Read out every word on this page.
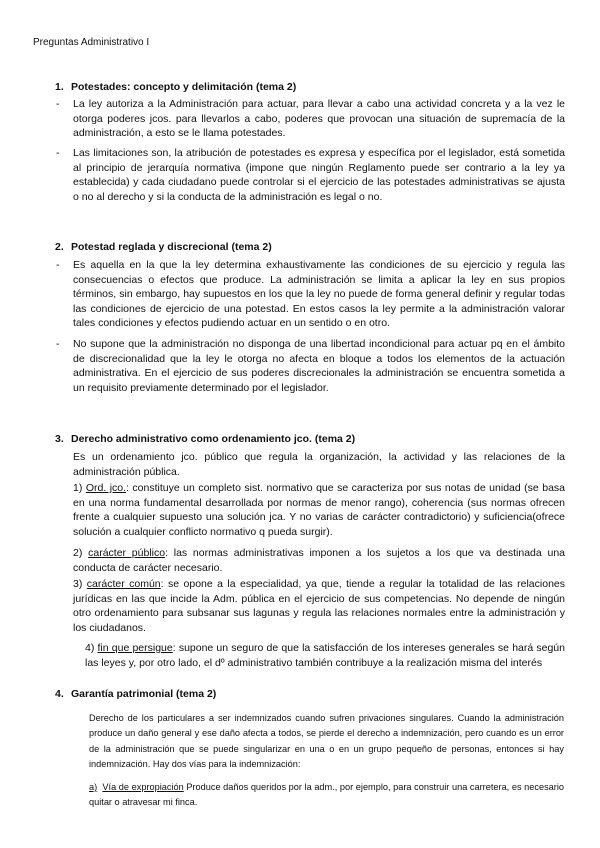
Preguntas Administrativo I
1. Potestades: concepto y delimitación (tema 2)
- La ley autoriza a la Administración para actuar, para llevar a cabo una actividad concreta y a la vez le otorga poderes jcos. para llevarlos a cabo, poderes que provocan una situación de supremacía de la administración, a esto se le llama potestades.

- Las limitaciones son, la atribución de potestades es expresa y específica por el legislador, está sometida al principio de jerarquía normativa (impone que ningún Reglamento puede ser contrario a la ley ya establecida) y cada ciudadano puede controlar si el ejercicio de las potestades administrativas se ajusta o no al derecho y si la conducta de la administración es legal o no.

2. Potestad reglada y discrecional (tema 2)
- Es aquella en la que la ley determina exhaustivamente las condiciones de su ejercicio y regula las consecuencias o efectos que produce. La administración se limita a aplicar la ley en sus propios términos, sin embargo, hay supuestos en los que la ley no puede de forma general definir y regular todas las condiciones de ejercicio de una potestad. En estos casos la ley permite a la administración valorar tales condiciones y efectos pudiendo actuar en un sentido o en otro.

- No supone que la administración no disponga de una libertad incondicional para actuar pq en el ámbito de discrecionalidad que la ley le otorga no afecta en bloque a todos los elementos de la actuación administrativa. En el ejercicio de sus poderes discrecionales la administración se encuentra sometida a un requisito previamente determinado por el legislador.

3. Derecho administrativo como ordenamiento jco. (tema 2)

Es un ordenamiento jco. público que regula la organización, la actividad y las relaciones de la administración pública.

1) Ord. jco.: constituye un completo sist. normativo que se caracteriza por sus notas de unidad (se basa en una norma fundamental desarrollada por normas de menor rango), coherencia (sus normas ofrecen frente a cualquier supuesto una solución jca. Y no varias de carácter contradictorio) y suficiencia(ofrece solución a cualquier conflicto normativo q pueda surgir).

2) carácter público: las normas administrativas imponen a los sujetos a los que va destinada una conducta de carácter necesario.

3) carácter común: se opone a la especialidad, ya que, tiende a regular la totalidad de las relaciones jurídicas en las que incide la Adm. pública en el ejercicio de sus competencias. No depende de ningún otro ordenamiento para subsanar sus lagunas y regula las relaciones normales entre la administración y los ciudadanos.

4) fin que persigue: supone un seguro de que la satisfacción de los intereses generales se hará según las leyes y, por otro lado, el dº administrativo también contribuye a la realización misma del interés

4. Garantía patrimonial (tema 2)

Derecho de los particulares a ser indemnizados cuando sufren privaciones singulares. Cuando la administración produce un daño general y ese daño afecta a todos, se pierde el derecho a indemnización, pero cuando es un error de la administración que se puede singularizar en una o en un grupo pequeño de personas, entonces si hay indemnización. Hay dos vías para la indemnización:

a) Vía de expropiación Produce daños queridos por la adm., por ejemplo, para construir una carretera, es necesario quitar o atravesar mi finca.
